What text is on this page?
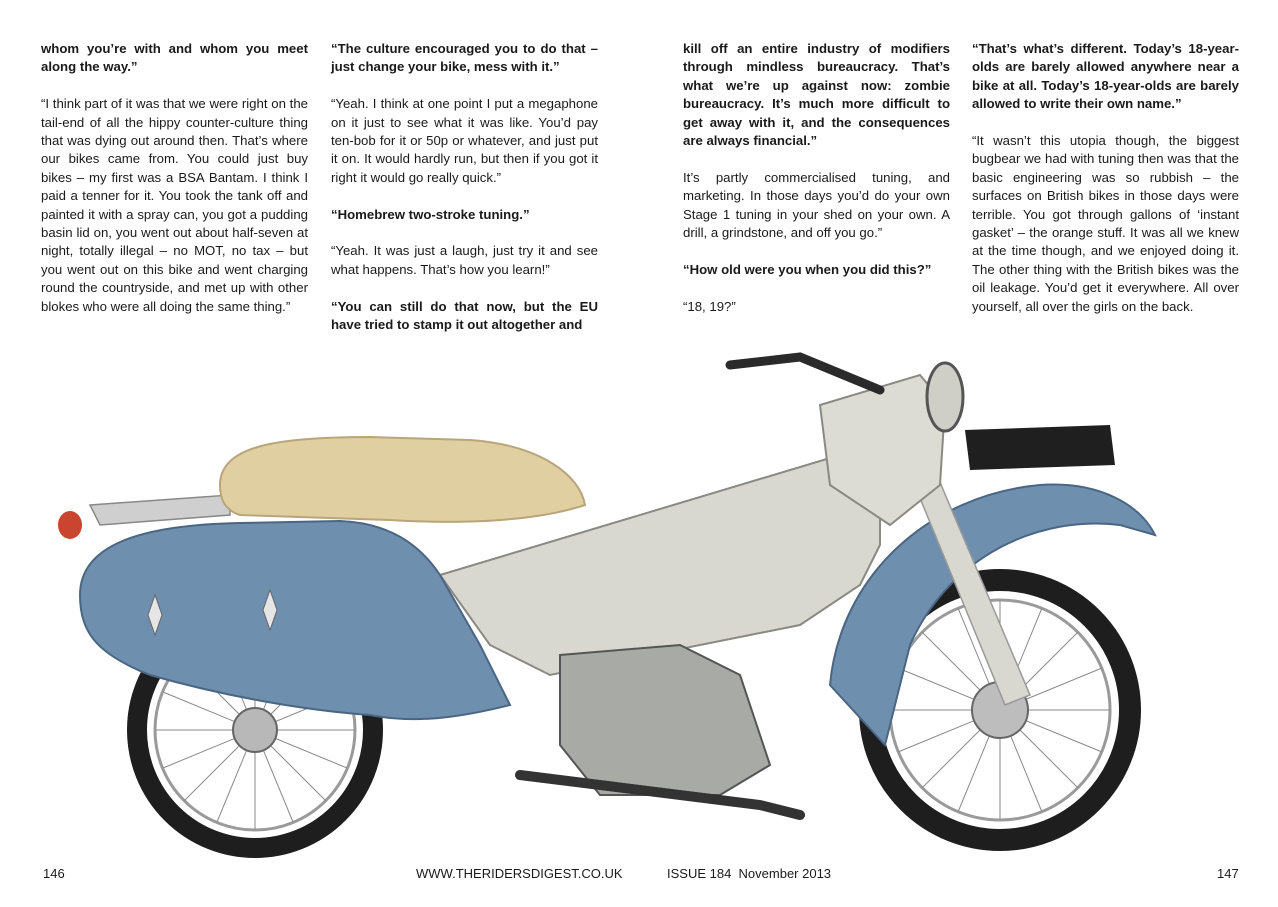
whom you’re with and whom you meet along the way.”

“I think part of it was that we were right on the tail-end of all the hippy counter-culture thing that was dying out around then. That’s where our bikes came from. You could just buy bikes – my first was a BSA Bantam. I think I paid a tenner for it. You took the tank off and painted it with a spray can, you got a pudding basin lid on, you went out about half-seven at night, totally illegal – no MOT, no tax – but you went out on this bike and went charging round the countryside, and met up with other blokes who were all doing the same thing.”

“The culture encouraged you to do that – just change your bike, mess with it.”

“Yeah. I think at one point I put a megaphone on it just to see what it was like. You’d pay ten-bob for it or 50p or whatever, and just put it on. It would hardly run, but then if you got it right it would go really quick.”

“Homebrew two-stroke tuning.”

“Yeah. It was just a laugh, just try it and see what happens. That’s how you learn!”

“You can still do that now, but the EU have tried to stamp it out altogether and

kill off an entire industry of modifiers through mindless bureaucracy. That’s what we’re up against now: zombie bureaucracy. It’s much more difficult to get away with it, and the consequences are always financial.”

It’s partly commercialised tuning, and marketing. In those days you’d do your own Stage 1 tuning in your shed on your own. A drill, a grindstone, and off you go.”

“How old were you when you did this?”

“18, 19?”

“That’s what’s different. Today’s 18-year-olds are barely allowed anywhere near a bike at all. Today’s 18-year-olds are barely allowed to write their own name.”

“It wasn’t this utopia though, the biggest bugbear we had with tuning then was that the basic engineering was so rubbish – the surfaces on British bikes in those days were terrible. You got through gallons of ‘instant gasket’ – the orange stuff. It was all we knew at the time though, and we enjoyed doing it. The other thing with the British bikes was the oil leakage. You’d get it everywhere. All over yourself, all over the girls on the back.

146	WWW.THERIDERSDIGEST.CO.UK	ISSUE 184  November 2013	147
